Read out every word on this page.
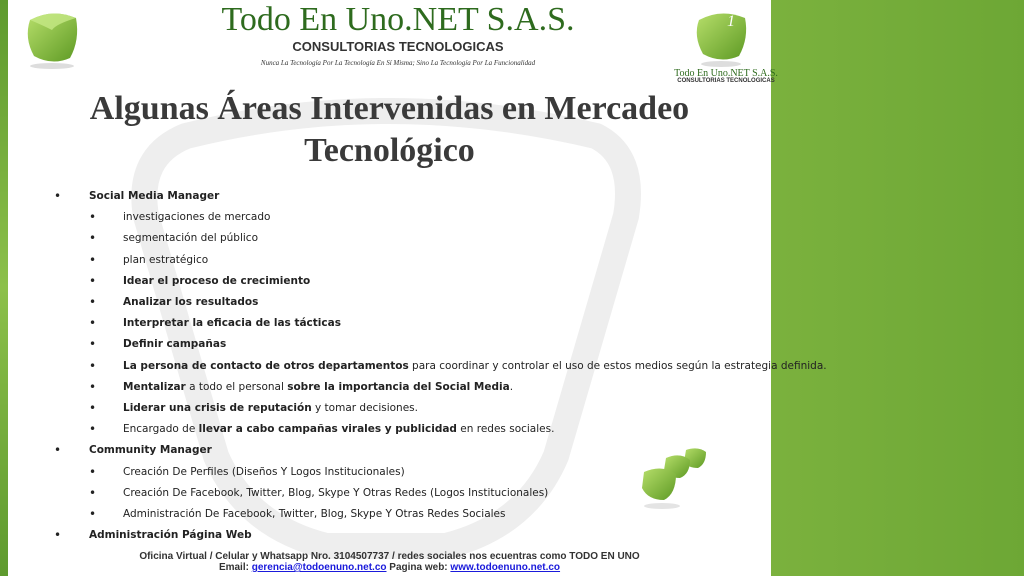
Todo En Uno.NET S.A.S.
CONSULTORIAS TECNOLOGICAS
Nunca La Tecnología Por La Tecnología En Sí Misma; Sino La Tecnología Por La Funcionalidad
1
Todo En Uno.NET S.A.S.
CONSULTORIAS TECNOLOGICAS
Algunas Áreas Intervenidas en Mercadeo
Tecnológico
•	Social Media Manager
•	investigaciones de mercado
•	segmentación del público
•	plan estratégico
•	Idear el proceso de crecimiento
•	Analizar los resultados
•	Interpretar la eficacia de las tácticas
•	Definir campañas
•	La persona de contacto de otros departamentos para coordinar y controlar el uso de estos medios según la estrategia definida.
•	Mentalizar a todo el personal sobre la importancia del Social Media.
•	Liderar una crisis de reputación y tomar decisiones.
•	Encargado de llevar a cabo campañas virales y publicidad en redes sociales.
•	Community Manager
•	Creación De Perfiles (Diseños Y Logos Institucionales)
•	Creación De Facebook, Twitter, Blog, Skype Y Otras Redes (Logos Institucionales)
•	Administración De Facebook, Twitter, Blog, Skype Y Otras Redes Sociales
•	Administración Página Web
Oficina Virtual / Celular y Whatsapp Nro. 3104507737 / redes sociales nos ecuentras como TODO EN UNO
Email: gerencia@todoenuno.net.co Pagina web: www.todoenuno.net.co
